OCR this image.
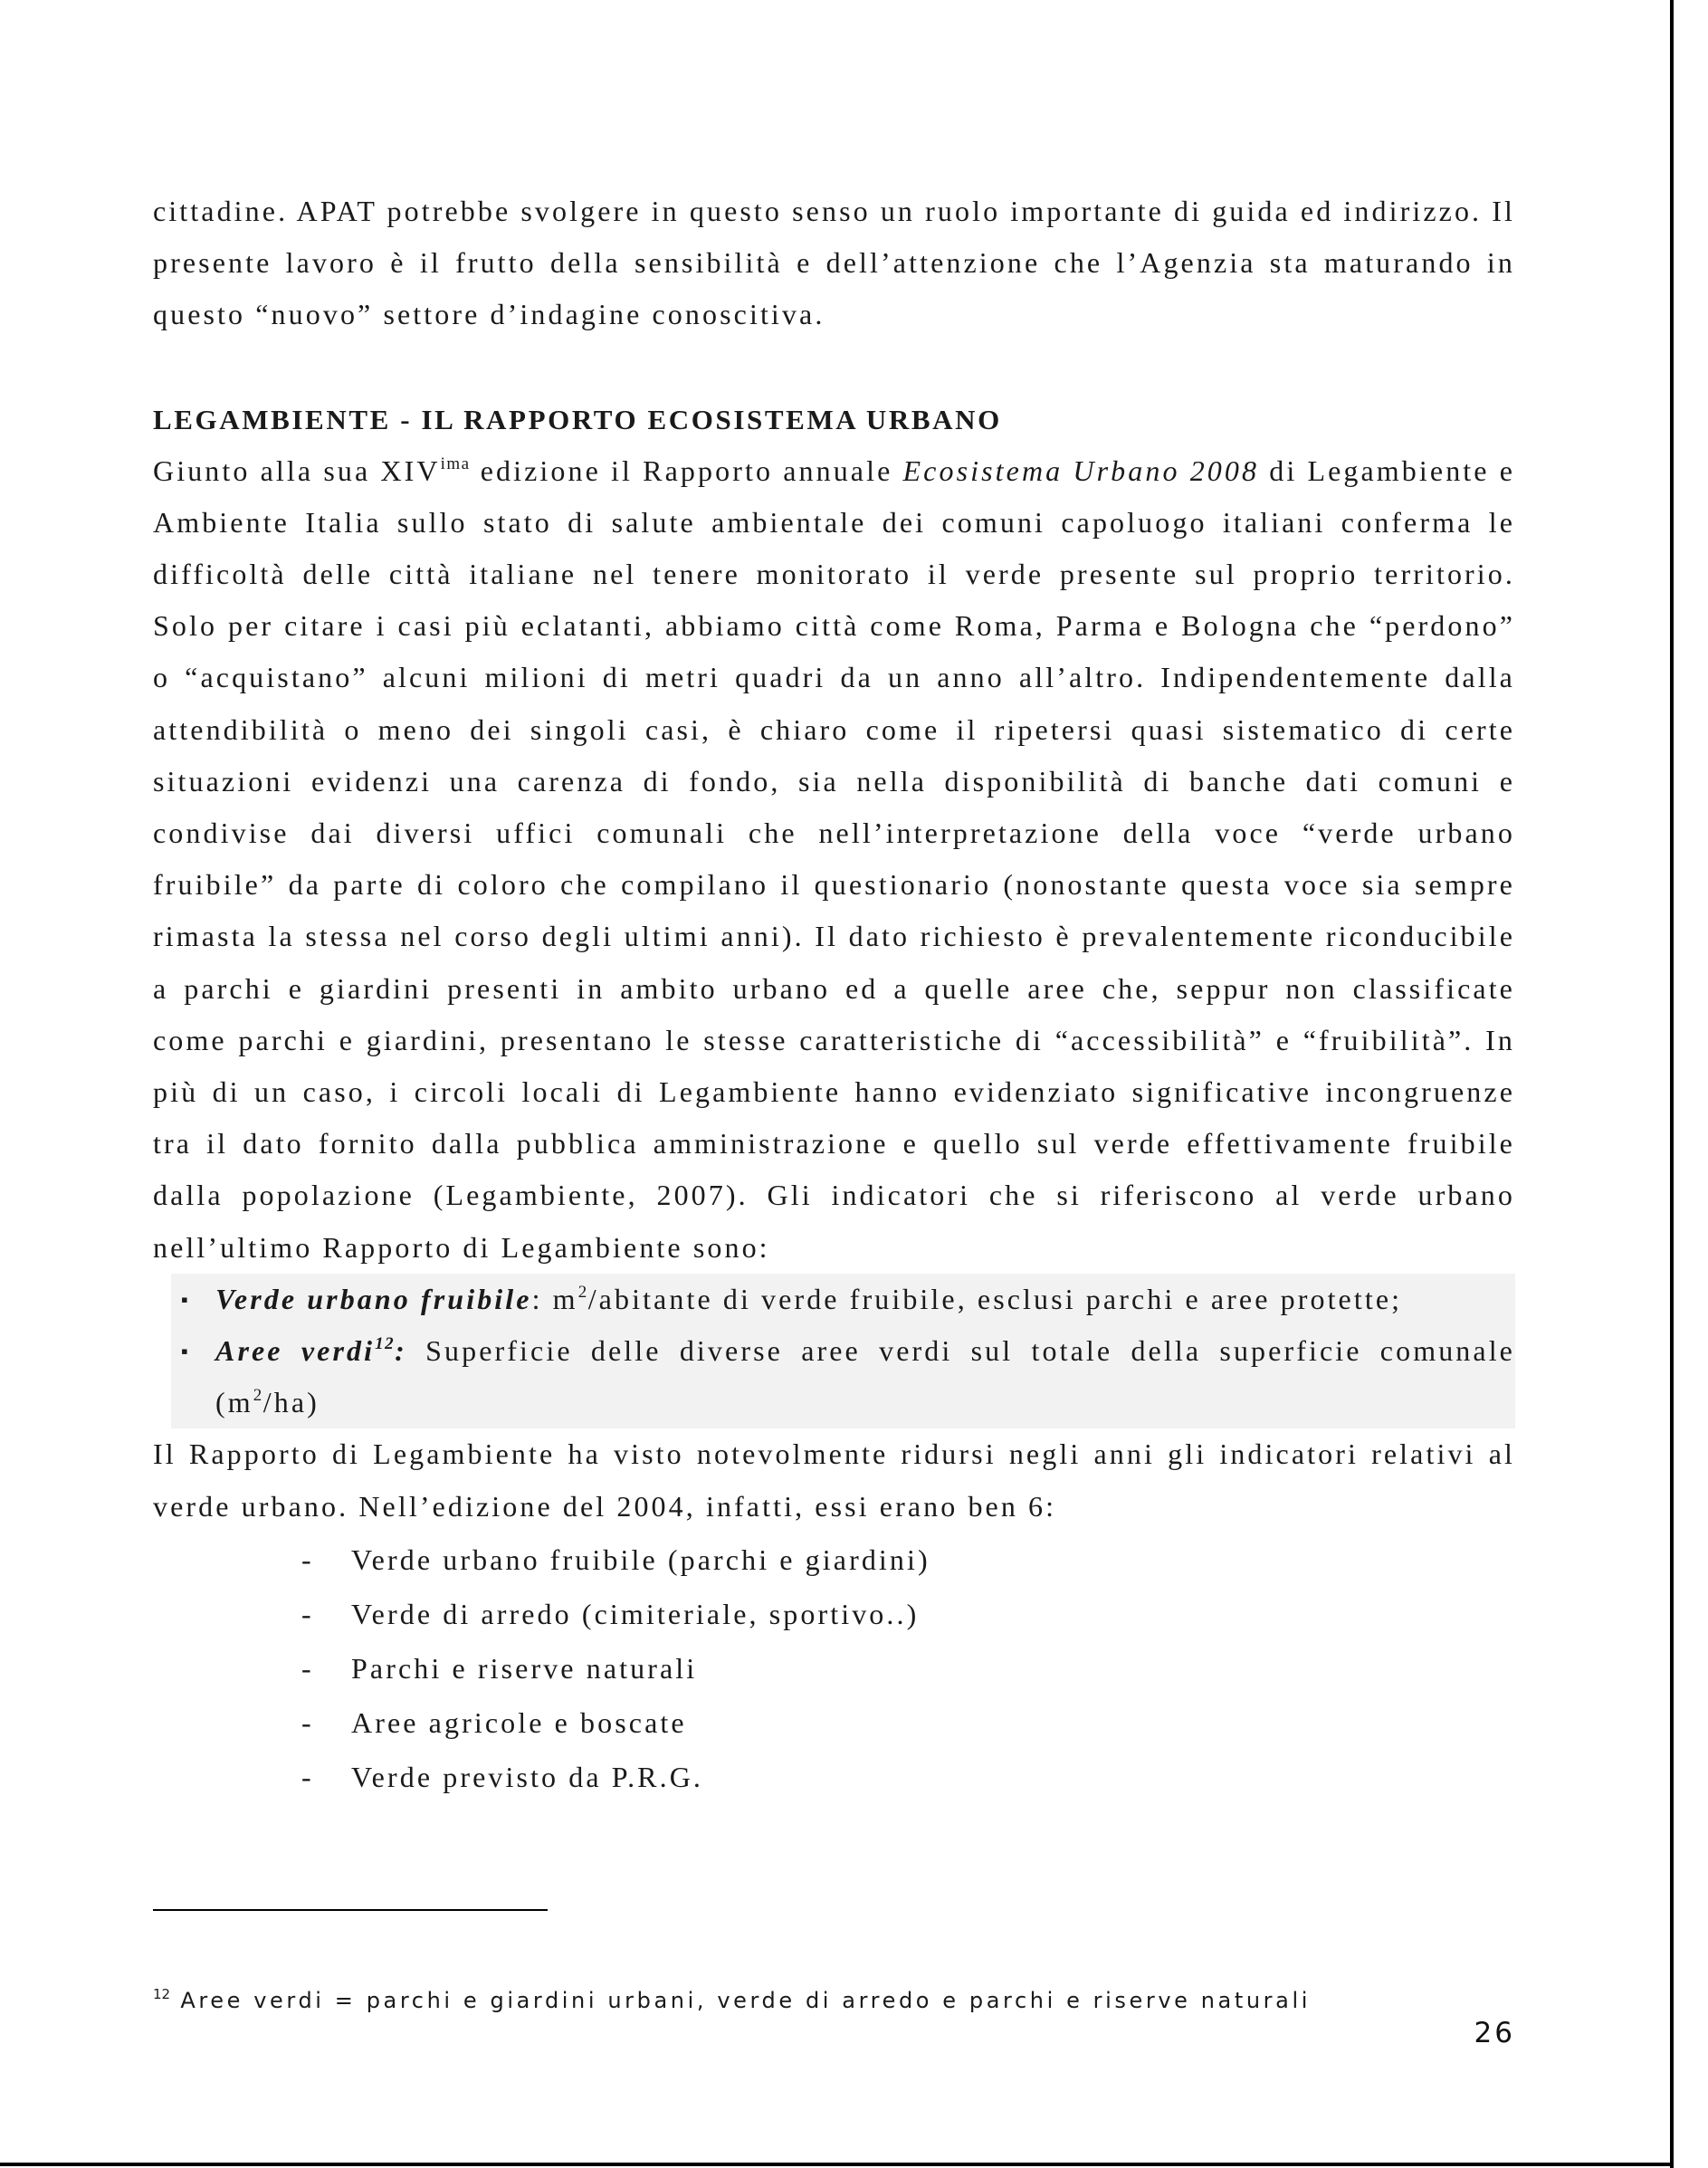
cittadine. APAT potrebbe svolgere in questo senso un ruolo importante di guida ed indirizzo. Il presente lavoro è il frutto della sensibilità e dell’attenzione che l’Agenzia sta maturando in questo “nuovo” settore d’indagine conoscitiva.

LEGAMBIENTE - IL RAPPORTO ECOSISTEMA URBANO

Giunto alla sua $XIV^{ima}$ edizione il Rapporto annuale Ecosistema Urbano 2008 di Legambiente e Ambiente Italia sullo stato di salute ambientale dei comuni capoluogo italiani conferma le difficoltà delle città italiane nel tenere monitorato il verde presente sul proprio territorio. Solo per citare i casi più eclatanti, abbiamo città come Roma, Parma e Bologna che “perdono” o “acquistano” alcuni milioni di metri quadri da un anno all’altro. Indipendentemente dalla attendibilità o meno dei singoli casi, è chiaro come il ripetersi quasi sistematico di certe situazioni evidenzi una carenza di fondo, sia nella disponibilità di banche dati comuni e condivise dai diversi uffici comunali che nell’interpretazione della voce “verde urbano fruibile” da parte di coloro che compilano il questionario (nonostante questa voce sia sempre rimasta la stessa nel corso degli ultimi anni). Il dato richiesto è prevalentemente riconducibile a parchi e giardini presenti in ambito urbano ed a quelle aree che, seppur non classificate come parchi e giardini, presentano le stesse caratteristiche di “accessibilità” e “fruibilità”. In più di un caso, i circoli locali di Legambiente hanno evidenziato significative incongruenze tra il dato fornito dalla pubblica amministrazione e quello sul verde effettivamente fruibile dalla popolazione (Legambiente, 2007). Gli indicatori che si riferiscono al verde urbano nell’ultimo Rapporto di Legambiente sono:

▪ Verde urbano fruibile: $m^2$/abitante di verde fruibile, esclusi parchi e aree protette;
▪ Aree verdi$^{12}$: Superficie delle diverse aree verdi sul totale della superficie comunale $(m^2/ha)$

Il Rapporto di Legambiente ha visto notevolmente ridursi negli anni gli indicatori relativi al verde urbano. Nell’edizione del 2004, infatti, essi erano ben 6:

- Verde urbano fruibile (parchi e giardini)
- Verde di arredo (cimiteriale, sportivo..)
- Parchi e riserve naturali
- Aree agricole e boscate
- Verde previsto da P.R.G.
$^{12}$ Aree verdi = parchi e giardini urbani, verde di arredo e parchi e riserve naturali
26
